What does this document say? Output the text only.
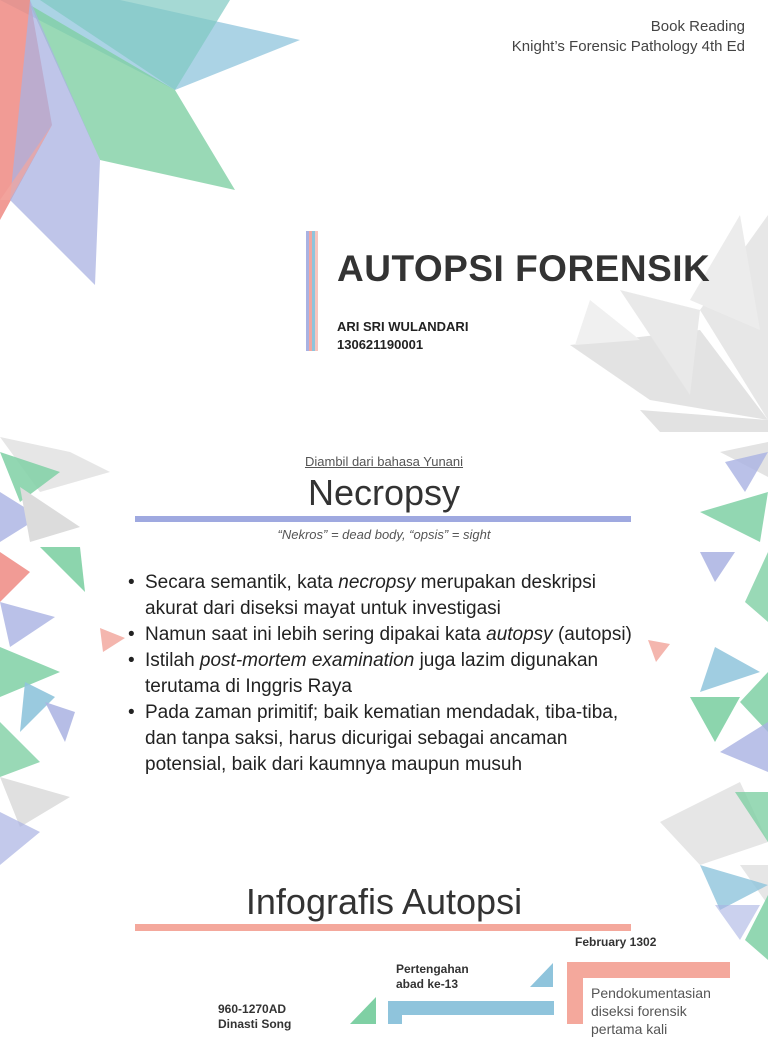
Book Reading
Knight’s Forensic Pathology 4th Ed
AUTOPSI FORENSIK
ARI SRI WULANDARI
130621190001
Diambil dari bahasa Yunani
Necropsy
“Nekros” = dead body, “opsis” = sight
• Secara semantik, kata necropsy merupakan deskripsi akurat dari diseksi mayat untuk investigasi
• Namun saat ini lebih sering dipakai kata autopsy (autopsi)
• Istilah post-mortem examination juga lazim digunakan terutama di Inggris Raya
• Pada zaman primitif; baik kematian mendadak, tiba-tiba, dan tanpa saksi, harus dicurigai sebagai ancaman potensial, baik dari kaumnya maupun musuh
Infografis Autopsi
February 1302
Pertengahan
abad ke-13
960-1270AD
Dinasti Song
Pendokumentasian
diseksi forensik
pertama kali
